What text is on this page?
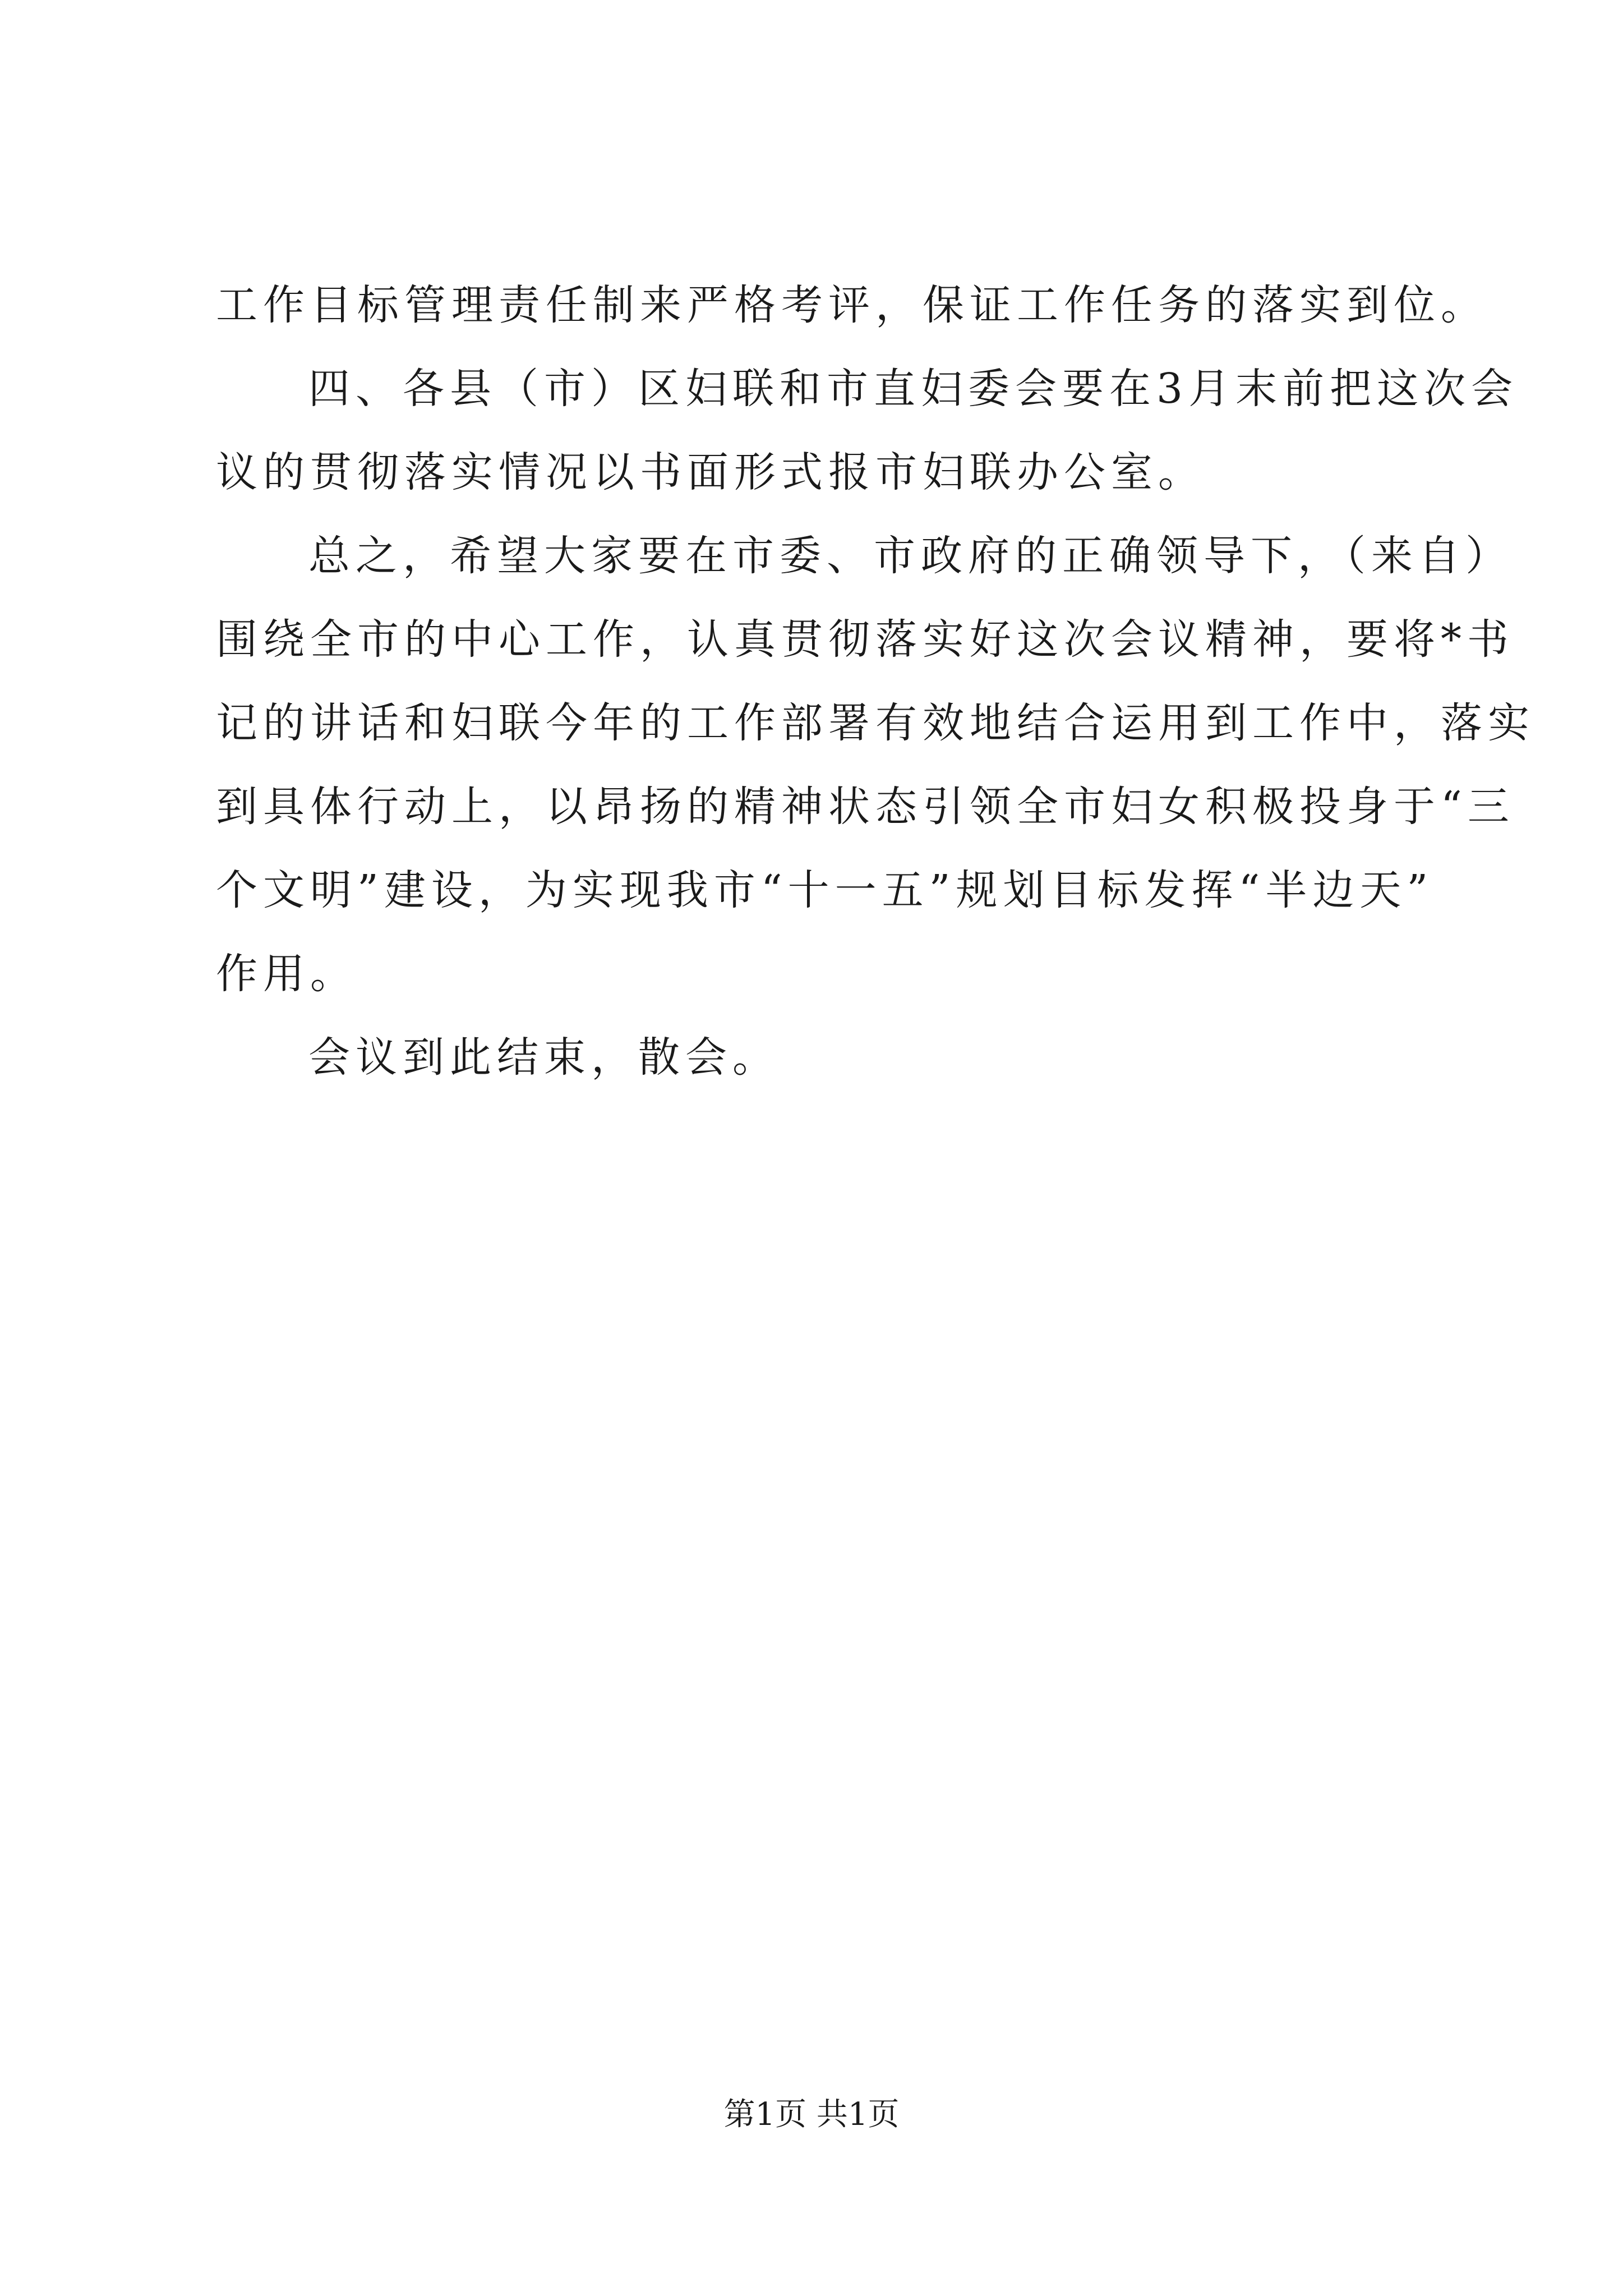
工作目标管理责任制来严格考评，保证工作任务的落实到位。
四、各县（市）区妇联和市直妇委会要在3月末前把这次会
议的贯彻落实情况以书面形式报市妇联办公室。
总之，希望大家要在市委、市政府的正确领导下，（来自）
围绕全市的中心工作，认真贯彻落实好这次会议精神，要将*书
记的讲话和妇联今年的工作部署有效地结合运用到工作中，落实
到具体行动上，以昂扬的精神状态引领全市妇女积极投身于“三
个文明”建设，为实现我市“十一五”规划目标发挥“半边天”
作用。
会议到此结束，散会。
第1页 共1页
